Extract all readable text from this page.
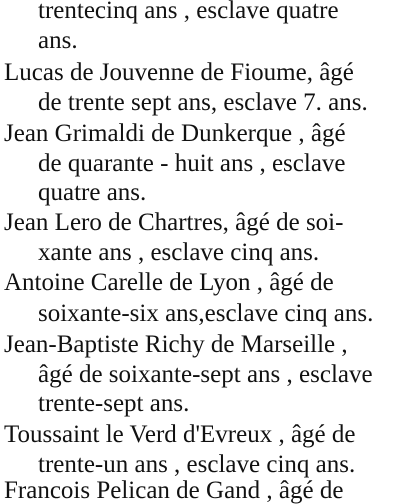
trentecinq ans , esclave quatre
ans.
Lucas de Jouvenne de Fioume, âgé
de trente sept ans, esclave 7. ans.
Jean Grimaldi de Dunkerque , âgé
de quarante - huit ans , esclave
quatre ans.
Jean Lero de Chartres, âgé de soi-
xante ans , esclave cinq ans.
Antoine Carelle de Lyon , âgé de
soixante-six ans,esclave cinq ans.
Jean-Baptiste Richy de Marseille ,
âgé de soixante-sept ans , esclave
trente-sept ans.
Toussaint le Verd d'Evreux , âgé de
trente-un ans , esclave cinq ans.
Francois Pelican de Gand , âgé de
